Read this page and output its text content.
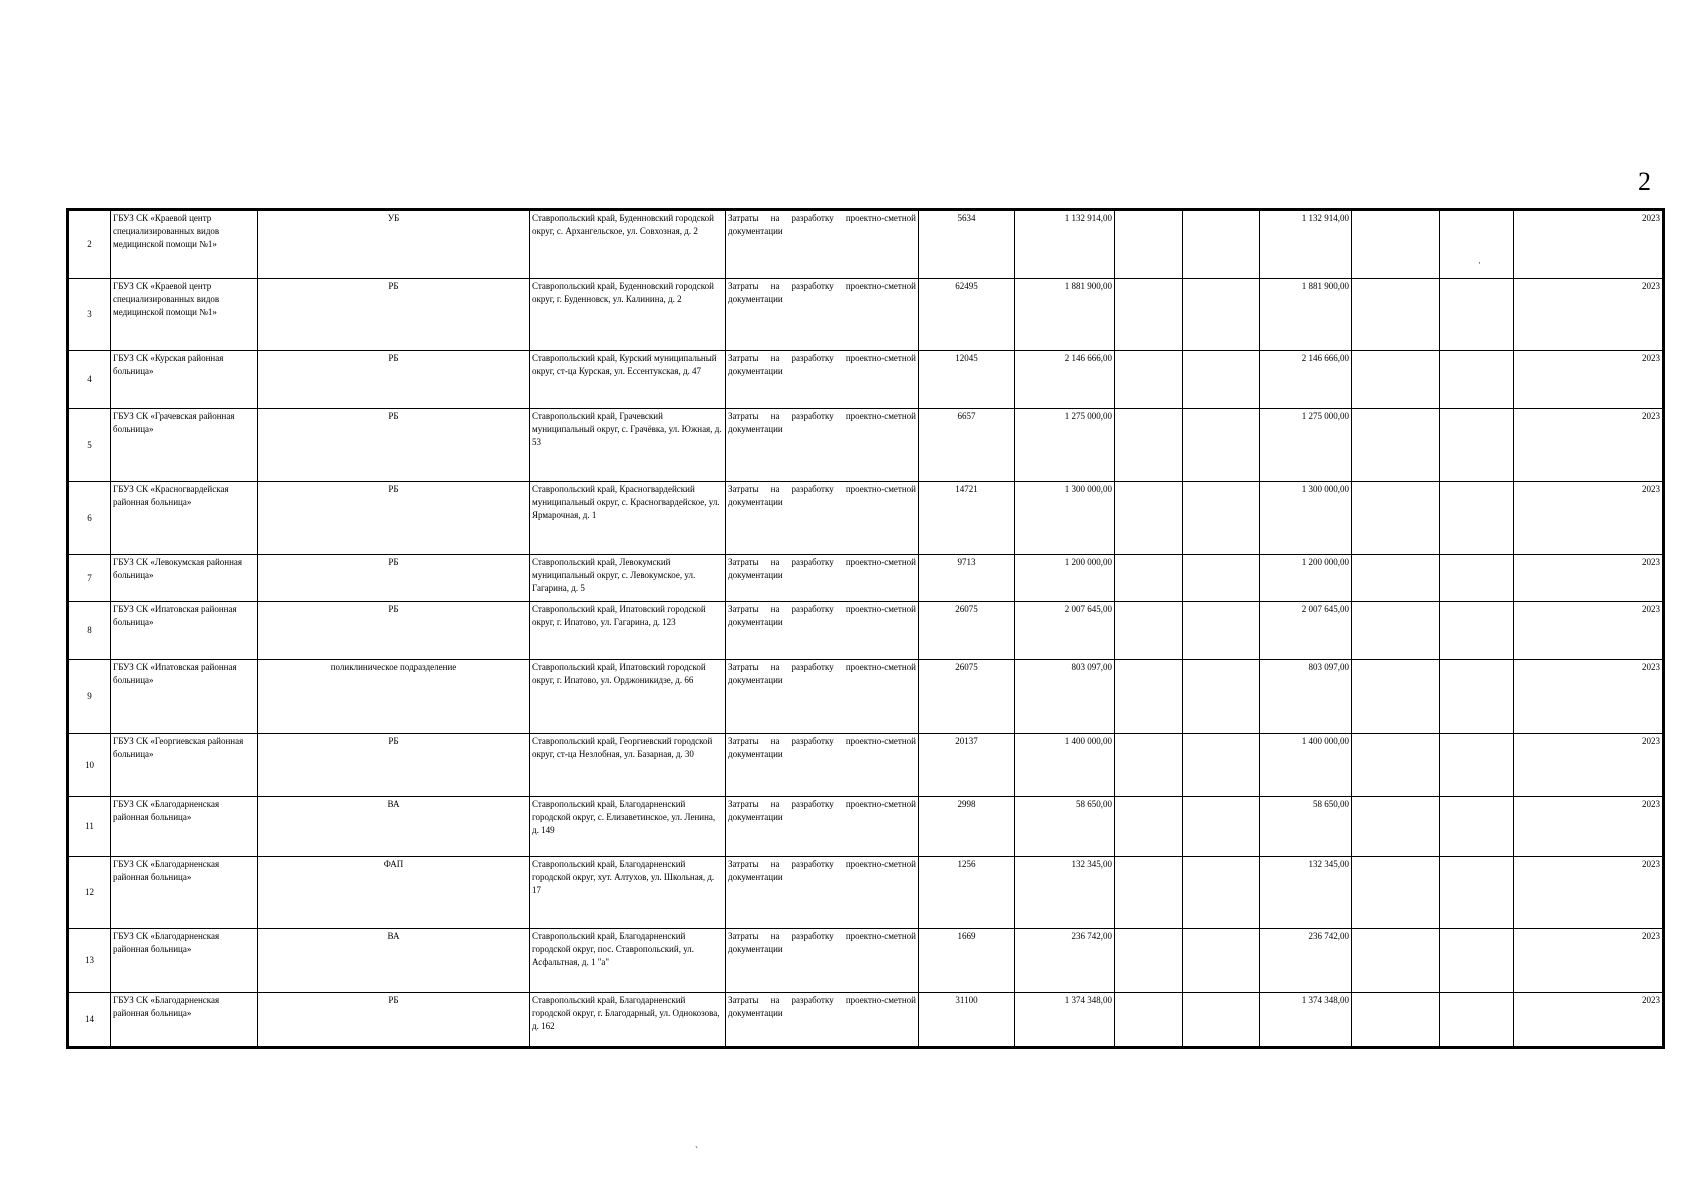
2
2	ГБУЗ СК «Краевой центр специализированных видов медицинской помощи №1»	УБ	Ставропольский край, Буденновский городской округ, с. Архангельское, ул. Совхозная, д. 2	Затраты на разработку проектно-сметной документации	5634	1 132 914,00			1 132 914,00			2023
3	ГБУЗ СК «Краевой центр специализированных видов медицинской помощи №1»	РБ	Ставропольский край, Буденновский городской округ, г. Буденновск, ул. Калинина, д. 2	Затраты на разработку проектно-сметной документации	62495	1 881 900,00			1 881 900,00			2023
4	ГБУЗ СК «Курская районная больница»	РБ	Ставропольский край, Курский муниципальный округ, ст-ца Курская, ул. Ессентукская, д. 47	Затраты на разработку проектно-сметной документации	12045	2 146 666,00			2 146 666,00			2023
5	ГБУЗ СК «Грачевская районная больница»	РБ	Ставропольский край, Грачевский муниципальный округ, с. Грачёвка, ул. Южная, д. 53	Затраты на разработку проектно-сметной документации	6657	1 275 000,00			1 275 000,00			2023
6	ГБУЗ СК «Красногвардейская районная больница»	РБ	Ставропольский край, Красногвардейский муниципальный округ, с. Красногвардейское, ул. Ярмарочная, д. 1	Затраты на разработку проектно-сметной документации	14721	1 300 000,00			1 300 000,00			2023
7	ГБУЗ СК «Левокумская районная больница»	РБ	Ставропольский край, Левокумский муниципальный округ, с. Левокумское, ул. Гагарина, д. 5	Затраты на разработку проектно-сметной документации	9713	1 200 000,00			1 200 000,00			2023
8	ГБУЗ СК «Ипатовская районная больница»	РБ	Ставропольский край, Ипатовский городской округ, г. Ипатово, ул. Гагарина, д. 123	Затраты на разработку проектно-сметной документации	26075	2 007 645,00			2 007 645,00			2023
9	ГБУЗ СК «Ипатовская районная больница»	поликлиническое подразделение	Ставропольский край, Ипатовский городской округ, г. Ипатово, ул. Орджоникидзе, д. 66	Затраты на разработку проектно-сметной документации	26075	803 097,00			803 097,00			2023
10	ГБУЗ СК «Георгиевская районная больница»	РБ	Ставропольский край, Георгиевский городской округ, ст-ца Незлобная, ул. Базарная, д. 30	Затраты на разработку проектно-сметной документации	20137	1 400 000,00			1 400 000,00			2023
11	ГБУЗ СК «Благодарненская районная больница»	ВА	Ставропольский край, Благодарненский городской округ, с. Елизаветинское, ул. Ленина, д. 149	Затраты на разработку проектно-сметной документации	2998	58 650,00			58 650,00			2023
12	ГБУЗ СК «Благодарненская районная больница»	ФАП	Ставропольский край, Благодарненский городской округ, хут. Алтухов, ул. Школьная, д. 17	Затраты на разработку проектно-сметной документации	1256	132 345,00			132 345,00			2023
13	ГБУЗ СК «Благодарненская районная больница»	ВА	Ставропольский край, Благодарненский городской округ, пос. Ставропольский, ул. Асфальтная, д. 1 "а"	Затраты на разработку проектно-сметной документации	1669	236 742,00			236 742,00			2023
14	ГБУЗ СК «Благодарненская районная больница»	РБ	Ставропольский край, Благодарненский городской округ, г. Благодарный, ул. Однокозова, д. 162	Затраты на разработку проектно-сметной документации	31100	1 374 348,00			1 374 348,00			2023
·
`
